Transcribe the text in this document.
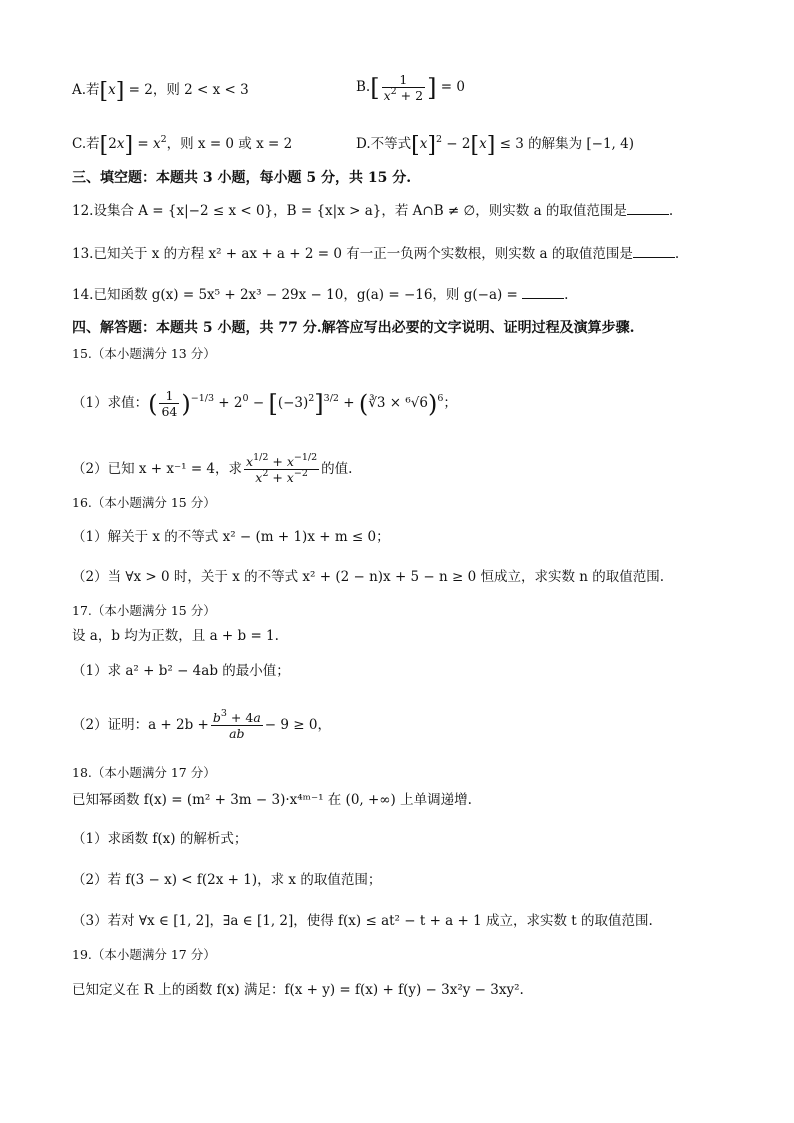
A.若[x] = 2，则 2 < x < 3	$B.[ \frac{1}{x^2 + 2}$ ] = 0
C.若$[2x] = x^2$，则 x = 0 或 x = 2	D.不等式$[x]^2 - 2[x] \le 3$ 的解集为 [−1, 4)
三、填空题：本题共 3 小题，每小题 5 分，共 15 分.
12.设集合 A = {x|−2 ≤ x < 0}，B = {x|x > a}，若 A∩B ≠ ∅，则实数 a 的取值范围是	.
13.已知关于 x 的方程 x² + ax + a + 2 = 0 有一正一负两个实数根，则实数 a 的取值范围是	.
14.已知函数 g(x) = 5x⁵ + 2x³ − 29x − 10，g(a) = −16，则 g(−a) =	.
四、解答题：本题共 5 小题，共 77 分.解答应写出必要的文字说明、证明过程及演算步骤.
15.（本小题满分 13 分）
（1）求值：( $\frac{1}{64} )^{-1/3} + 2^0 - [(-3)^2]^{3/2}$ + (∛3 × ⁶√6)$^6$；
（2）已知 x + x⁻¹ = 4，求 $\frac{x^{1/2} + x^{-1/2}}{x^2 + x^{-2}}$ 的值.
16.（本小题满分 15 分）
（1）解关于 x 的不等式 x² − (m + 1)x + m ≤ 0；
（2）当 ∀x > 0 时，关于 x 的不等式 x² + (2 − n)x + 5 − n ≥ 0 恒成立，求实数 n 的取值范围.
17.（本小题满分 15 分）
设 a，b 均为正数，且 a + b = 1.
（1）求 a² + b² − 4ab 的最小值；
（2）证明：$a + 2b + \frac{b^3 + 4a}{ab} - 9 \ge 0$，
18.（本小题满分 17 分）
已知幂函数 f(x) = (m² + 3m − 3)·x⁴ᵐ⁻¹ 在 (0, +∞) 上单调递增.
（1）求函数 f(x) 的解析式；
（2）若 f(3 − x) < f(2x + 1)，求 x 的取值范围；
（3）若对 ∀x ∈ [1, 2]，∃a ∈ [1, 2]，使得 f(x) ≤ at² − t + a + 1 成立，求实数 t 的取值范围.
19.（本小题满分 17 分）
已知定义在 R 上的函数 f(x) 满足：f(x + y) = f(x) + f(y) − 3x²y − 3xy².
